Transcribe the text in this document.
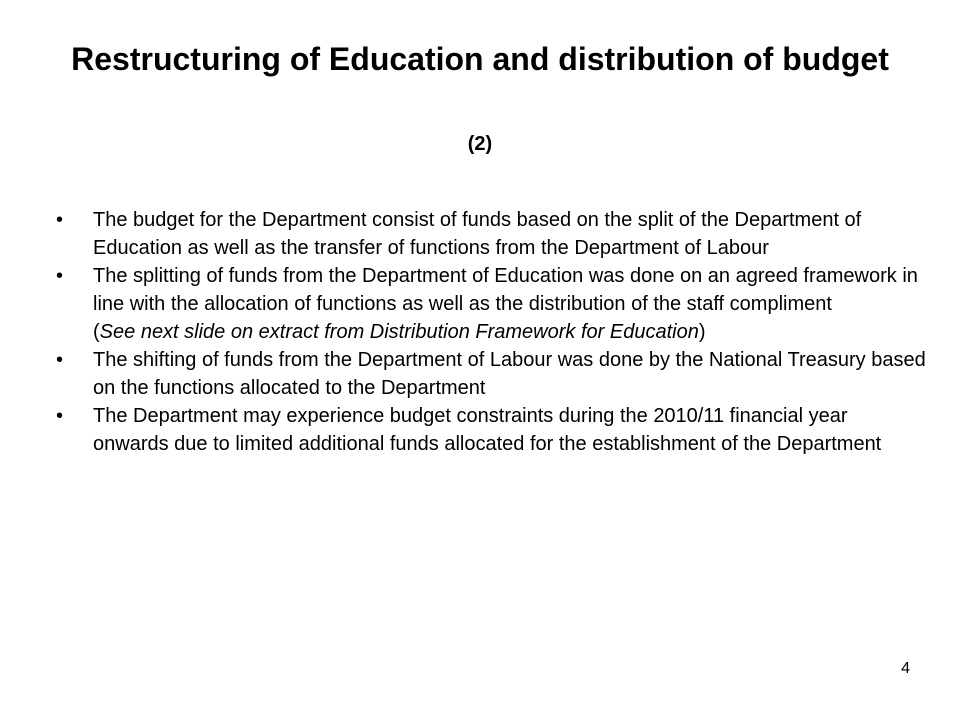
Restructuring of Education and distribution of budget
(2)
•	The budget for the Department consist of funds based on the split of the Department of Education as well as the transfer of functions from the Department of Labour
•	The splitting of funds from the Department of Education was done on an agreed framework in line with the allocation of functions as well as the distribution of the staff compliment
(See next slide on extract from Distribution Framework for Education)
•	The shifting of funds from the Department of Labour was done by the National Treasury based on the functions allocated to the Department
•	The Department may experience budget constraints during the 2010/11 financial year onwards due to limited additional funds allocated for the establishment of the Department
4
